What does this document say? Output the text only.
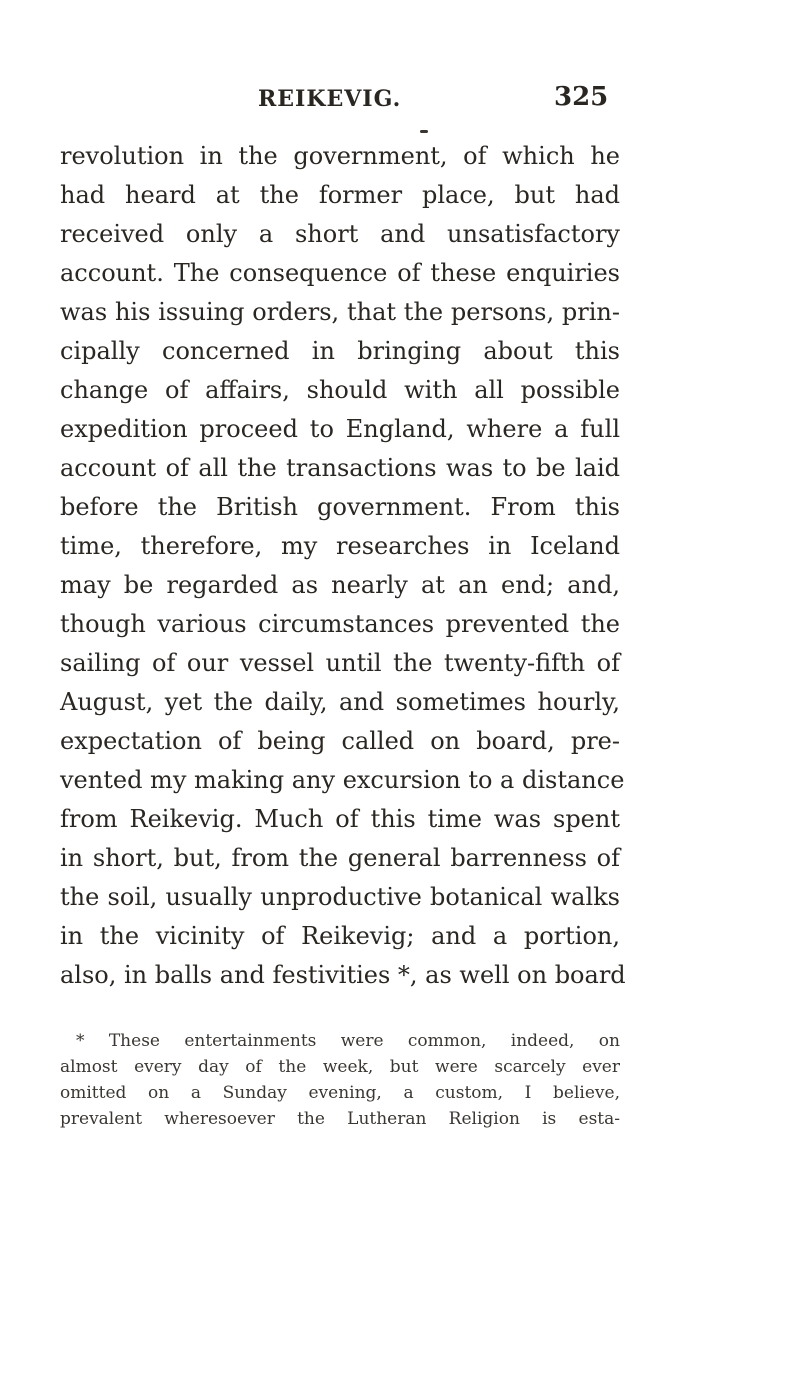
REIKEVIG.	325
revolution in the government, of which he
had heard at the former place, but had
received only a short and unsatisfactory
account. The consequence of these enquiries
was his issuing orders, that the persons, prin-
cipally concerned in bringing about this
change of affairs, should with all possible
expedition proceed to England, where a full
account of all the transactions was to be laid
before the British government. From this
time, therefore, my researches in Iceland
may be regarded as nearly at an end; and,
though various circumstances prevented the
sailing of our vessel until the twenty-fifth of
August, yet the daily, and sometimes hourly,
expectation of being called on board, pre-
vented my making any excursion to a distance
from Reikevig. Much of this time was spent
in short, but, from the general barrenness of
the soil, usually unproductive botanical walks
in the vicinity of Reikevig; and a portion,
also, in balls and festivities *, as well on board
* These entertainments were common, indeed, on
almost every day of the week, but were scarcely ever
omitted on a Sunday evening, a custom, I believe,
prevalent wheresoever the Lutheran Religion is esta-
